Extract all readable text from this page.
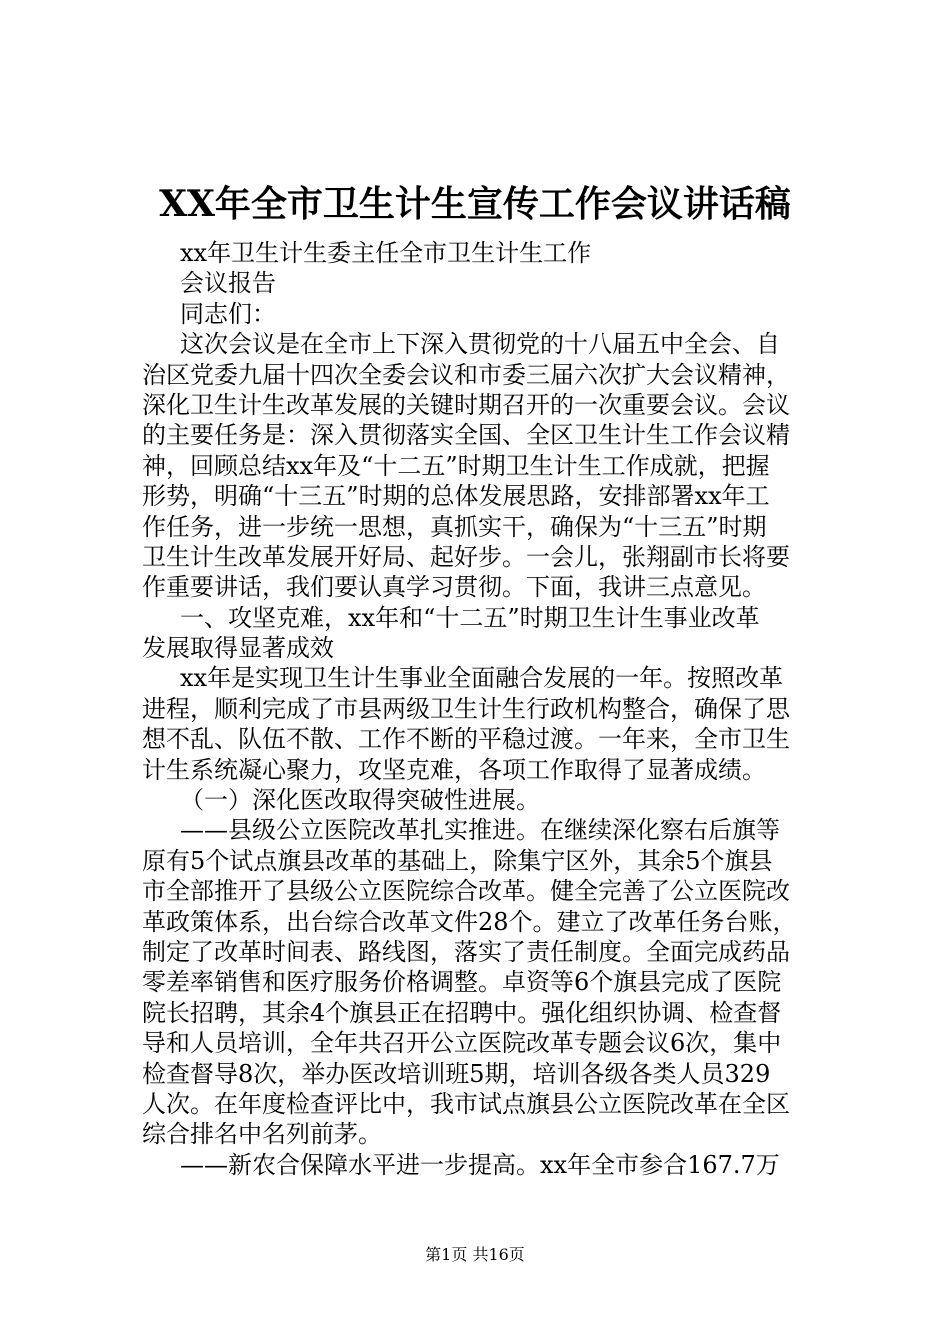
XX年全市卫生计生宣传工作会议讲话稿
xx年卫生计生委主任全市卫生计生工作
会议报告
同志们：
这次会议是在全市上下深入贯彻党的十八届五中全会、自
治区党委九届十四次全委会议和市委三届六次扩大会议精神，
深化卫生计生改革发展的关键时期召开的一次重要会议。会议
的主要任务是：深入贯彻落实全国、全区卫生计生工作会议精
神，回顾总结xx年及“十二五”时期卫生计生工作成就，把握
形势，明确“十三五”时期的总体发展思路，安排部署xx年工
作任务，进一步统一思想，真抓实干，确保为“十三五”时期
卫生计生改革发展开好局、起好步。一会儿，张翔副市长将要
作重要讲话，我们要认真学习贯彻。下面，我讲三点意见。
一、攻坚克难，xx年和“十二五”时期卫生计生事业改革
发展取得显著成效
xx年是实现卫生计生事业全面融合发展的一年。按照改革
进程，顺利完成了市县两级卫生计生行政机构整合，确保了思
想不乱、队伍不散、工作不断的平稳过渡。一年来，全市卫生
计生系统凝心聚力，攻坚克难，各项工作取得了显著成绩。
（一）深化医改取得突破性进展。
——县级公立医院改革扎实推进。在继续深化察右后旗等
原有5个试点旗县改革的基础上，除集宁区外，其余5个旗县
市全部推开了县级公立医院综合改革。健全完善了公立医院改
革政策体系，出台综合改革文件28个。建立了改革任务台账，
制定了改革时间表、路线图，落实了责任制度。全面完成药品
零差率销售和医疗服务价格调整。卓资等6个旗县完成了医院
院长招聘，其余4个旗县正在招聘中。强化组织协调、检查督
导和人员培训，全年共召开公立医院改革专题会议6次，集中
检查督导8次，举办医改培训班5期，培训各级各类人员329
人次。在年度检查评比中，我市试点旗县公立医院改革在全区
综合排名中名列前茅。
——新农合保障水平进一步提高。xx年全市参合167.7万
第1页 共16页
